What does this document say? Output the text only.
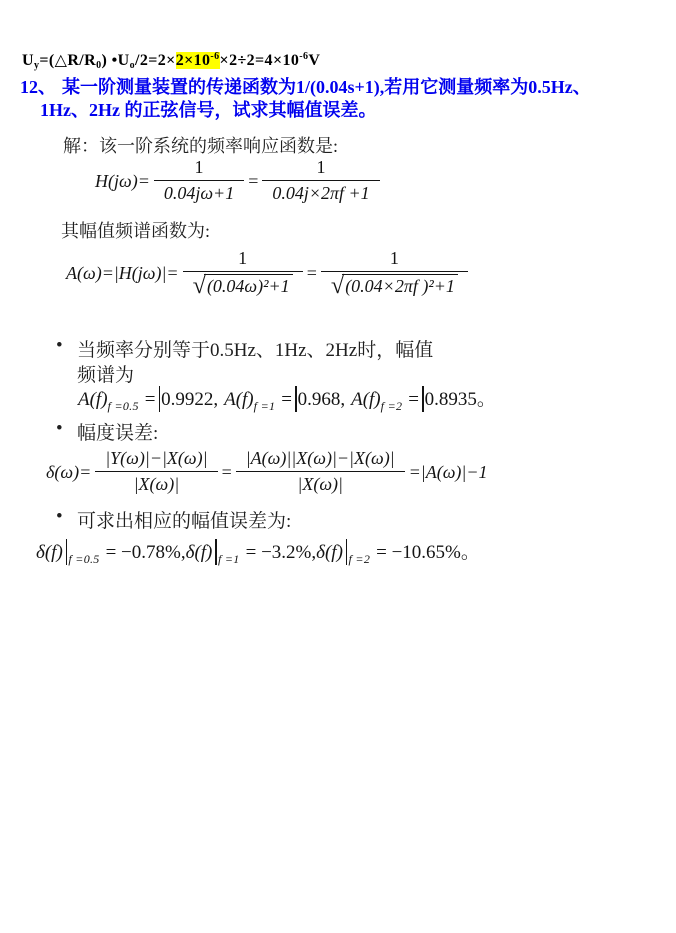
$U_y=(\triangle R/R_0)$ $•U_o/2=2\times 2\times 10^{-6}\times 2\div 2=4\times 10^{-6}V$
12、 某一阶测量装置的传递函数为1/(0.04s+1),若用它测量频率为0.5Hz、
1Hz、2Hz 的正弦信号，试求其幅值误差。
解：该一阶系统的频率响应函数是:
$H(j\omega)= \frac{1}{0.04j\omega+1} = \frac{1}{0.04j\times 2\pi f +1}$
其幅值频谱函数为:
$A(\omega)=|H(j\omega)|= \frac{1}{\text{√ (0.04ω)²+1}} = \frac{1}{\text{√ (0.04×2πf )²+1}}$
• 当频率分别等于0.5Hz、1Hz、2Hz时，幅值
频谱为
$A(f)_{f =0.5} = 0.9922$, $A(f)_{f =1} = 0.968$, $A(f)_{f =2} = 0.8935$。
• 幅度误差:
$\delta(\omega)= \frac{|Y(\omega)|-|X(\omega)|}{|X(\omega)|} = \frac{|A(\omega)||X(\omega)|-|X(\omega)|}{|X(\omega)|} =|A(\omega)|-1$
• 可求出相应的幅值误差为:
δ(f) $_{f =0.5}$ = −0.78%,δ(f) $_{f =1}$ = −3.2%,δ(f) $_{f =2}$ = −10.65%。
